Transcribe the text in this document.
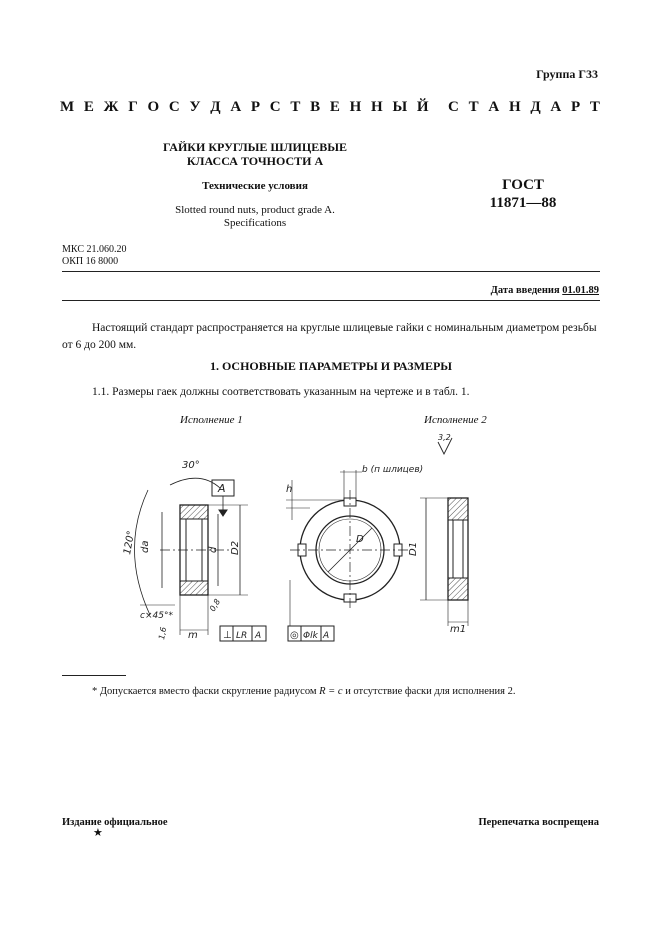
Группа Г33
М Е Ж Г О С У Д А Р С Т В Е Н Н Ы Й С Т А Н Д А Р Т
ГАЙКИ КРУГЛЫЕ ШЛИЦЕВЫЕ
КЛАССА ТОЧНОСТИ А
Технические условия
Slotted round nuts, product grade A.
Specifications
ГОСТ
11871—88
МКС 21.060.20
ОКП 16 8000
Дата введения 01.01.89
Настоящий стандарт распространяется на круглые шлицевые гайки с номинальным диаметром резьбы от 6 до 200 мм.
1. ОСНОВНЫЕ ПАРАМЕТРЫ И РАЗМЕРЫ
1.1. Размеры гаек должны соответствовать указанным на чертеже и в табл. 1.
Исполнение 1	Исполнение 2
30°
A
120° dа	d D2
c×45°*
0,8
1,6 m	⊥ LR A
h
b (п шлицев)
D
◎ Φlk A
3,2
D1
m1
* Допускается вместо фаски скругление радиусом R = c и отсутствие фаски для исполнения 2.
Издание официальное	Перепечатка воспрещена
★
